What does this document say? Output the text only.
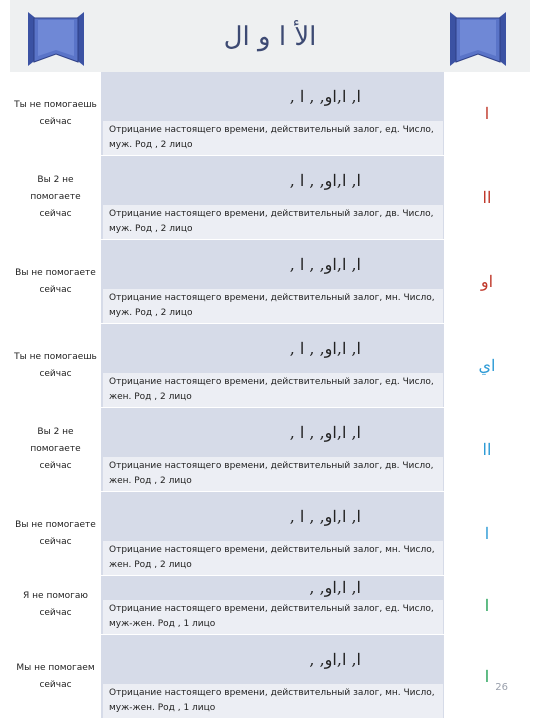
الأ ا و ال
Ты не помогаешь сейчас
ا, ا,او, , ا ,
Отрицание настоящего времени, действительный залог, ед. Число, муж. Род , 2 лицо
ا
Вы 2 не помогаете сейчас
ا, ا,او, , ا ,
Отрицание настоящего времени, действительный залог, дв. Число, муж. Род , 2 лицо
اا
Вы не помогаете сейчас
ا, ا,او, , ا ,
Отрицание настоящего времени, действительный залог, мн. Число, муж. Род , 2 лицо
او
Ты не помогаешь сейчас
ا, ا,او, , ا ,
Отрицание настоящего времени, действительный залог, ед. Число, жен. Род , 2 лицо
اي
Вы 2 не помогаете сейчас
ا, ا,او, , ا ,
Отрицание настоящего времени, действительный залог, дв. Число, жен. Род , 2 лицо
اا
Вы не помогаете сейчас
ا, ا,او, , ا ,
Отрицание настоящего времени, действительный залог, мн. Число, жен. Род , 2 лицо
ا
Я не помогаю сейчас
ا, ا,او, ,
Отрицание настоящего времени, действительный залог, ед. Число, муж-жен. Род , 1 лицо
ا
Мы не помогаем сейчас
ا, ا,او, ,
Отрицание настоящего времени, действительный залог, мн. Число, муж-жен. Род , 1 лицо
ا
26
